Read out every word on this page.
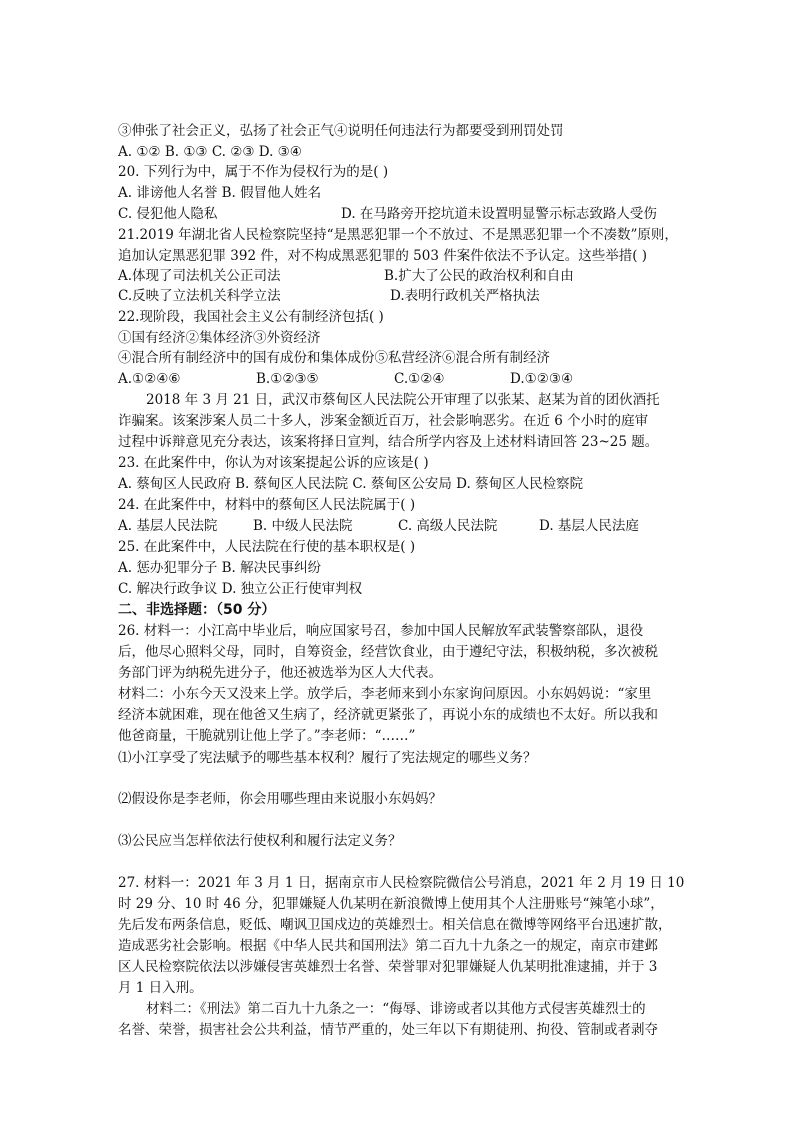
③伸张了社会正义，弘扬了社会正气④说明任何违法行为都要受到刑罚处罚
A. ①② B. ①③ C. ②③ D. ③④
20. 下列行为中，属于不作为侵权行为的是( )
A. 诽谤他人名誉 B. 假冒他人姓名
C. 侵犯他人隐私	D. 在马路旁开挖坑道未设置明显警示标志致路人受伤
21.2019 年湖北省人民检察院坚持“是黑恶犯罪一个不放过、不是黑恶犯罪一个不凑数”原则，
追加认定黑恶犯罪 392 件，对不构成黑恶犯罪的 503 件案件依法不予认定。这些举措( )
A.体现了司法机关公正司法	B.扩大了公民的政治权利和自由
C.反映了立法机关科学立法	D.表明行政机关严格执法
22.现阶段，我国社会主义公有制经济包括( )
①国有经济②集体经济③外资经济
④混合所有制经济中的国有成份和集体成份⑤私营经济⑥混合所有制经济
A.①②④⑥	B.①②③⑤	C.①②④	D.①②③④
2018 年 3 月 21 日，武汉市蔡甸区人民法院公开审理了以张某、赵某为首的团伙酒托
诈骗案。该案涉案人员二十多人，涉案金额近百万，社会影响恶劣。在近 6 个小时的庭审
过程中诉辩意见充分表达，该案将择日宣判，结合所学内容及上述材料请回答 23~25 题。
23. 在此案件中，你认为对该案提起公诉的应该是( )
A. 蔡甸区人民政府 B. 蔡甸区人民法院 C. 蔡甸区公安局 D. 蔡甸区人民检察院
24. 在此案件中，材料中的蔡甸区人民法院属于( )
A. 基层人民法院	B. 中级人民法院	C. 高级人民法院	D. 基层人民法庭
25. 在此案件中，人民法院在行使的基本职权是( )
A. 惩办犯罪分子 B. 解决民事纠纷
C. 解决行政争议 D. 独立公正行使审判权
二、非选择题：（50 分）
26. 材料一：小江高中毕业后，响应国家号召，参加中国人民解放军武装警察部队，退役
后，他尽心照料父母，同时，自筹资金，经营饮食业，由于遵纪守法，积极纳税，多次被税
务部门评为纳税先进分子，他还被选举为区人大代表。
材料二：小东今天又没来上学。放学后，李老师来到小东家询问原因。小东妈妈说：“家里
经济本就困难，现在他爸又生病了，经济就更紧张了，再说小东的成绩也不太好。所以我和
他爸商量，干脆就别让他上学了。”李老师：“……”
⑴小江享受了宪法赋予的哪些基本权利？履行了宪法规定的哪些义务？
⑵假设你是李老师，你会用哪些理由来说服小东妈妈？
⑶公民应当怎样依法行使权利和履行法定义务？
27. 材料一：2021 年 3 月 1 日，据南京市人民检察院微信公号消息，2021 年 2 月 19 日 10
时 29 分、10 时 46 分，犯罪嫌疑人仇某明在新浪微博上使用其个人注册账号“辣笔小球”，
先后发布两条信息，贬低、嘲讽卫国戍边的英雄烈士。相关信息在微博等网络平台迅速扩散，
造成恶劣社会影响。根据《中华人民共和国刑法》第二百九十九条之一的规定，南京市建邺
区人民检察院依法以涉嫌侵害英雄烈士名誉、荣誉罪对犯罪嫌疑人仇某明批准逮捕，并于 3
月 1 日入刑。
材料二：《刑法》第二百九十九条之一：“侮辱、诽谤或者以其他方式侵害英雄烈士的
名誉、荣誉，损害社会公共利益，情节严重的，处三年以下有期徒刑、拘役、管制或者剥夺
